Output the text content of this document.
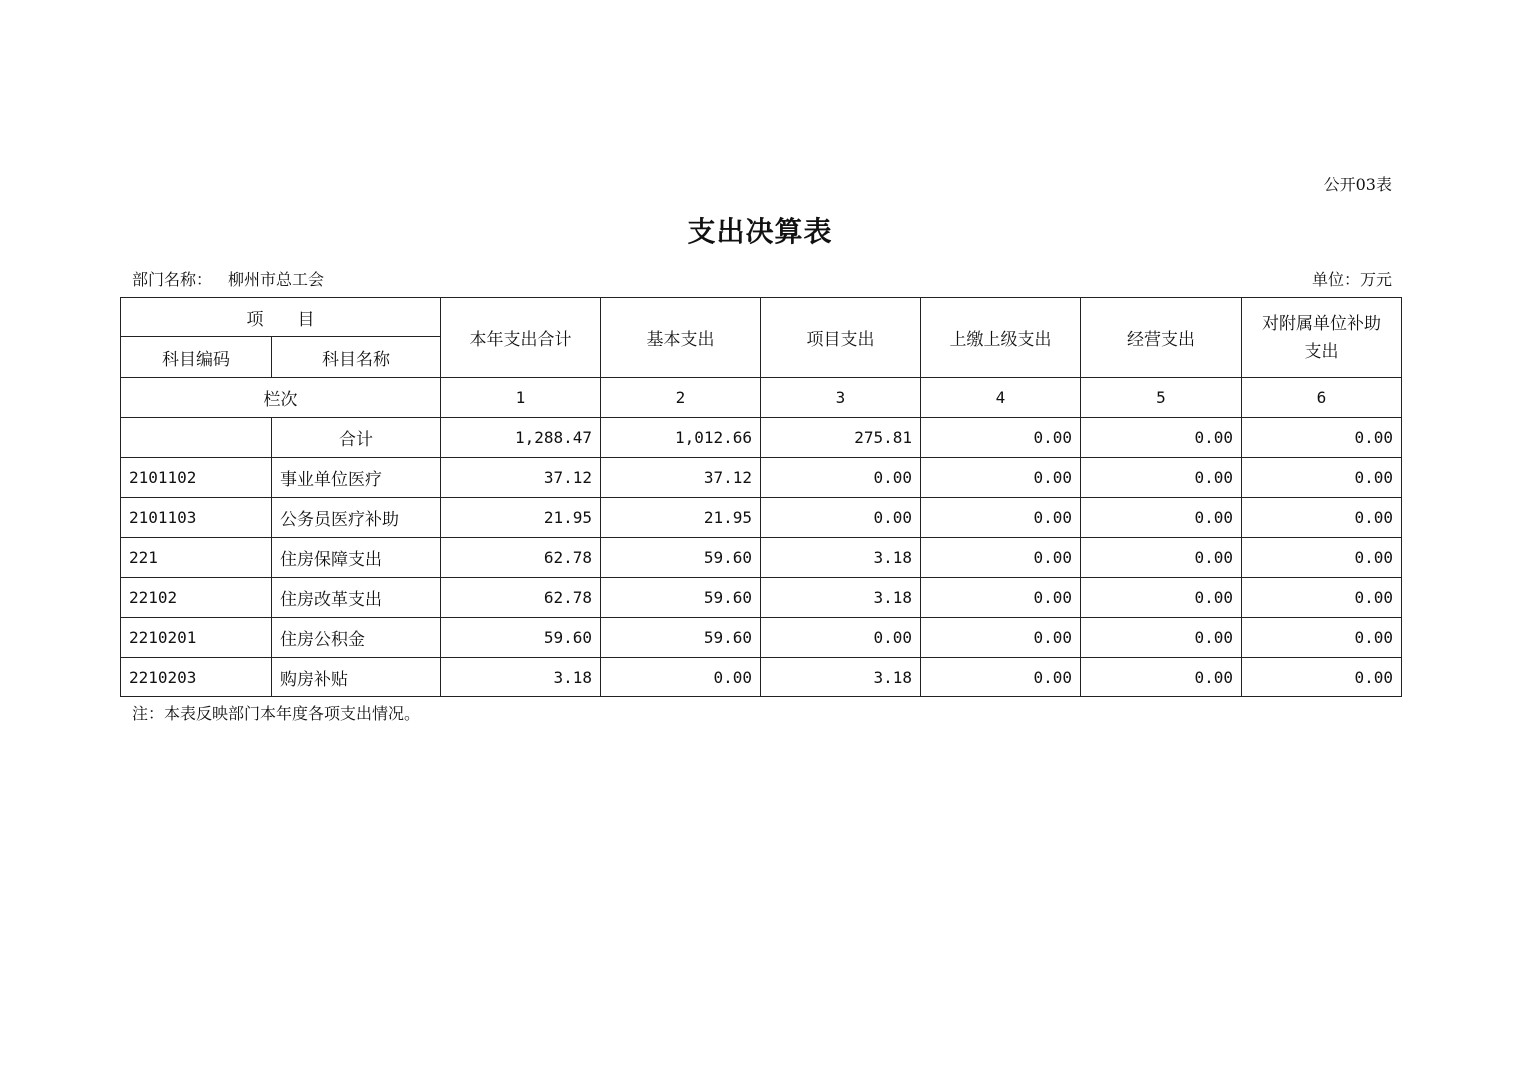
公开03表
支出决算表
部门名称： 柳州市总工会	单位：万元
项　　目		本年支出合计	基本支出	项目支出	上缴上级支出	经营支出	对附属单位补助支出
科目编码	科目名称						
栏次		1	2	3	4	5	6
	合计	1,288.47	1,012.66	275.81	0.00	0.00	0.00
2101102	事业单位医疗	37.12	37.12	0.00	0.00	0.00	0.00
2101103	公务员医疗补助	21.95	21.95	0.00	0.00	0.00	0.00
221	住房保障支出	62.78	59.60	3.18	0.00	0.00	0.00
22102	住房改革支出	62.78	59.60	3.18	0.00	0.00	0.00
2210201	住房公积金	59.60	59.60	0.00	0.00	0.00	0.00
2210203	购房补贴	3.18	0.00	3.18	0.00	0.00	0.00
注：本表反映部门本年度各项支出情况。
